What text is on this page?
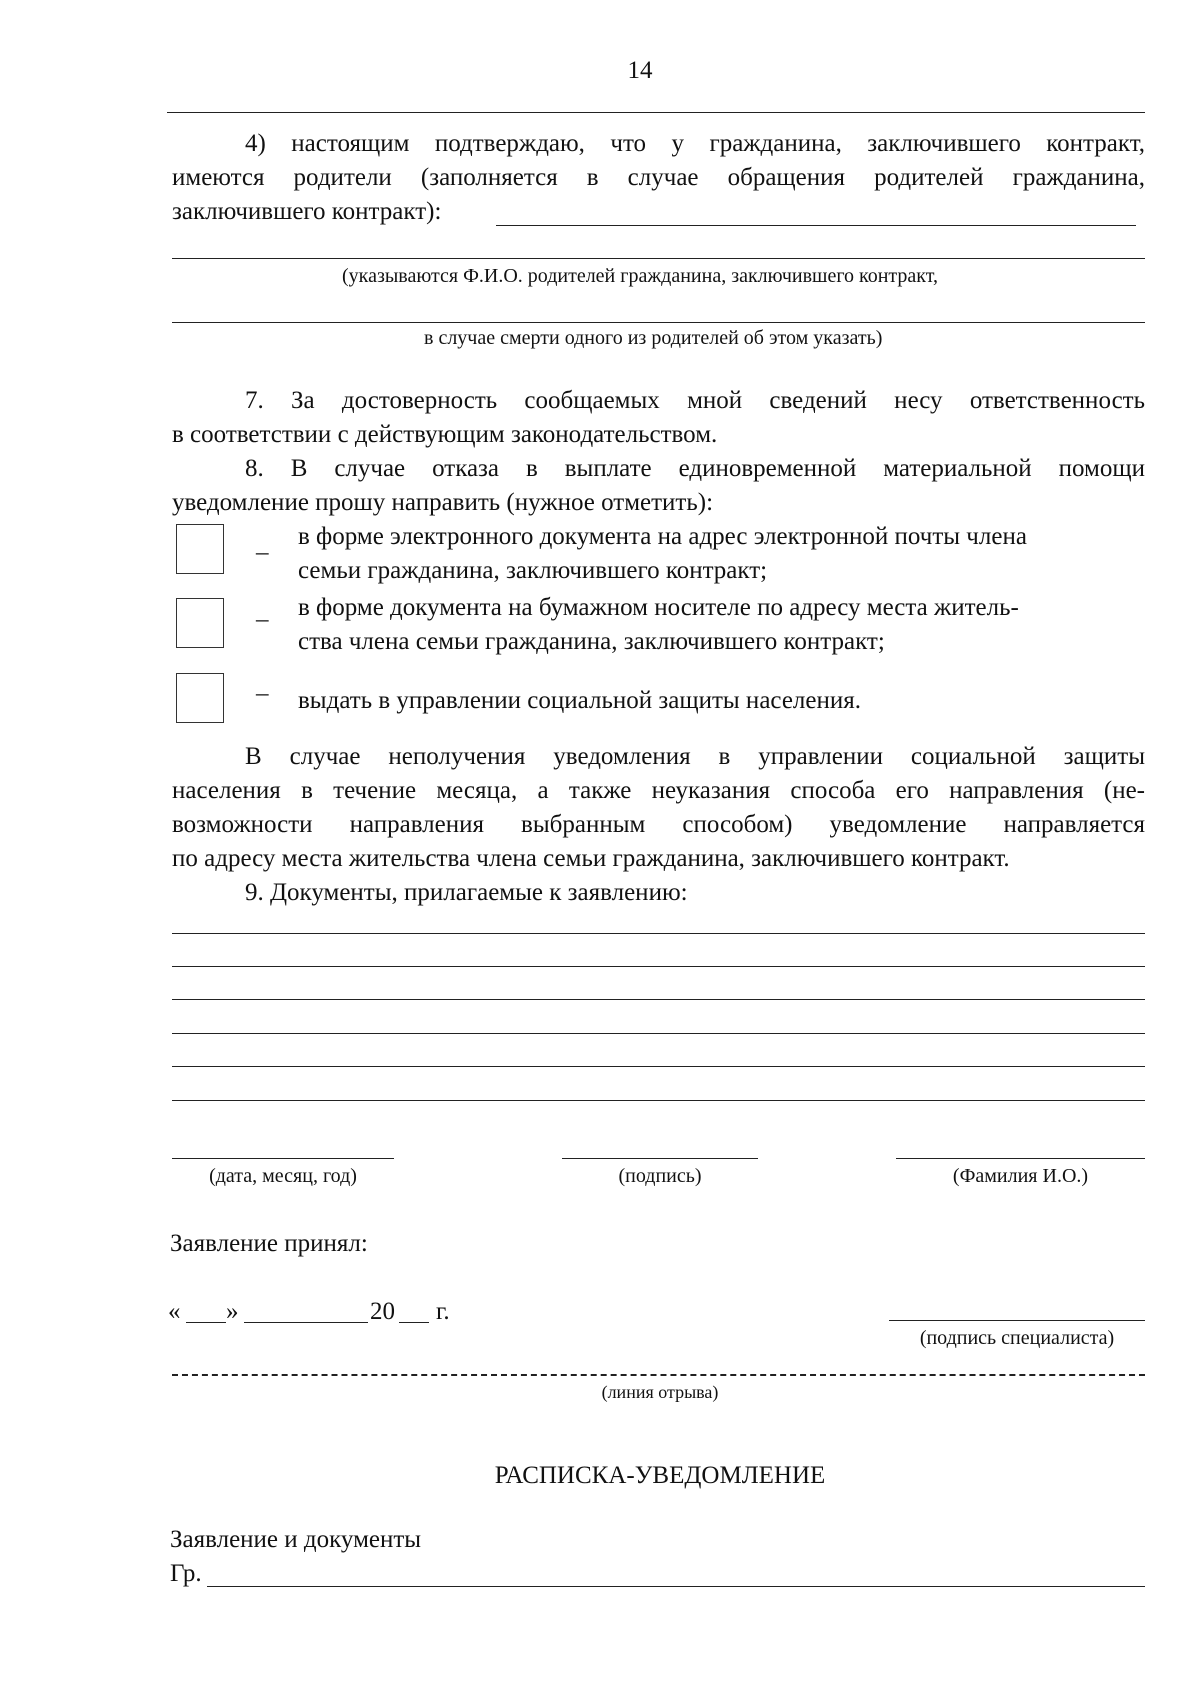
14
4) настоящим подтверждаю, что у гражданина, заключившего контракт,
имеются родители (заполняется в случае обращения родителей гражданина,
заключившего контракт):
(указываются Ф.И.О. родителей гражданина, заключившего контракт,
в случае смерти одного из родителей об этом указать)
7. За достоверность сообщаемых мной сведений несу ответственность
в соответствии с действующим законодательством.
8. В случае отказа в выплате единовременной материальной помощи
уведомление прошу направить (нужное отметить):
_ в форме электронного документа на адрес электронной почты члена
семьи гражданина, заключившего контракт;
– в форме документа на бумажном носителе по адресу места житель-
ства члена семьи гражданина, заключившего контракт;
– выдать в управлении социальной защиты населения.
В случае неполучения уведомления в управлении социальной защиты
населения в течение месяца, а также неуказания способа его направления (не-
возможности направления выбранным способом) уведомление направляется
по адресу места жительства члена семьи гражданина, заключившего контракт.
9. Документы, прилагаемые к заявлению:
(дата, месяц, год)	(подпись)	(Фамилия И.О.)
Заявление принял:
« »	20 г.
(подпись специалиста)
(линия отрыва)
РАСПИСКА-УВЕДОМЛЕНИЕ
Заявление и документы
Гр.
